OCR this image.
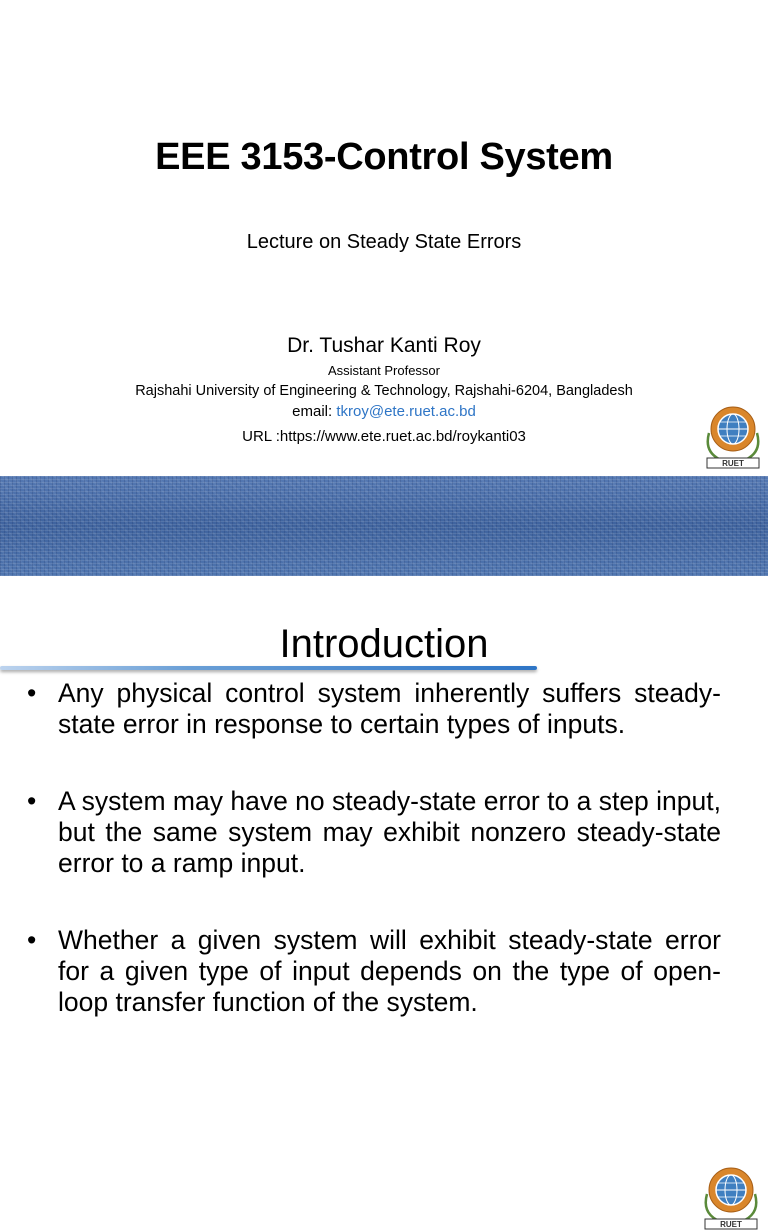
EEE 3153-Control System
Lecture on Steady State Errors
Dr. Tushar Kanti Roy
Assistant Professor
Rajshahi University of Engineering & Technology, Rajshahi-6204, Bangladesh
email: tkroy@ete.ruet.ac.bd
URL :https://www.ete.ruet.ac.bd/roykanti03
RUET
RUET
Introduction
• Any physical control system inherently suffers steady-state error in response to certain types of inputs.
• A system may have no steady-state error to a step input, but the same system may exhibit nonzero steady-state error to a ramp input.
• Whether a given system will exhibit steady-state error for a given type of input depends on the type of open-loop transfer function of the system.
